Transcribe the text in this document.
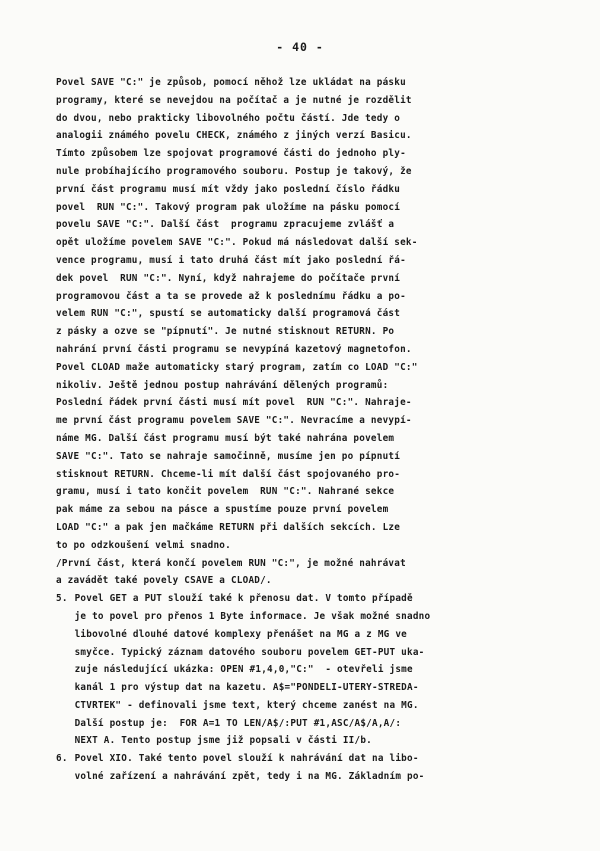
- 40 -
Povel SAVE "C:" je způsob, pomocí něhož lze ukládat na pásku
programy, které se nevejdou na počítač a je nutné je rozdělit
do dvou, nebo prakticky libovolného počtu částí. Jde tedy o
analogii známého povelu CHECK, známého z jiných verzí Basicu.
Tímto způsobem lze spojovat programové části do jednoho ply-
nule probíhajícího programového souboru. Postup je takový, že
první část programu musí mít vždy jako poslední číslo řádku
povel  RUN "C:". Takový program pak uložíme na pásku pomocí
povelu SAVE "C:". Další část  programu zpracujeme zvlášť a
opět uložíme povelem SAVE "C:". Pokud má následovat další sek-
vence programu, musí i tato druhá část mít jako poslední řá-
dek povel  RUN "C:". Nyní, když nahrajeme do počítače první
programovou část a ta se provede až k poslednímu řádku a po-
velem RUN "C:", spustí se automaticky další programová část
z pásky a ozve se "pípnutí". Je nutné stisknout RETURN. Po
nahrání první části programu se nevypíná kazetový magnetofon.
Povel CLOAD maže automaticky starý program, zatím co LOAD "C:"
nikoliv. Ještě jednou postup nahrávání dělených programů:
Poslední řádek první části musí mít povel  RUN "C:". Nahraje-
me první část programu povelem SAVE "C:". Nevracíme a nevypí-
náme MG. Další část programu musí být také nahrána povelem
SAVE "C:". Tato se nahraje samočinně, musíme jen po pípnutí
stisknout RETURN. Chceme-li mít další část spojovaného pro-
gramu, musí i tato končit povelem  RUN "C:". Nahrané sekce
pak máme za sebou na pásce a spustíme pouze první povelem
LOAD "C:" a pak jen mačkáme RETURN při dalších sekcích. Lze
to po odzkoušení velmi snadno.
/První část, která končí povelem RUN "C:", je možné nahrávat
a zavádět také povely CSAVE a CLOAD/.
5. Povel GET a PUT slouží také k přenosu dat. V tomto případě
je to povel pro přenos 1 Byte informace. Je však možné snadno
libovolné dlouhé datové komplexy přenášet na MG a z MG ve
smyčce. Typický záznam datového souboru povelem GET-PUT uka-
zuje následující ukázka: OPEN #1,4,0,"C:"  - otevřeli jsme
kanál 1 pro výstup dat na kazetu. A$="PONDELI-UTERY-STREDA-
CTVRTEK" - definovali jsme text, který chceme zanést na MG.
Další postup je:  FOR A=1 TO LEN/A$/:PUT #1,ASC/A$/A,A/:
NEXT A. Tento postup jsme již popsali v části II/b.
6. Povel XIO. Také tento povel slouží k nahrávání dat na libo-
volné zařízení a nahrávání zpět, tedy i na MG. Základním po-
